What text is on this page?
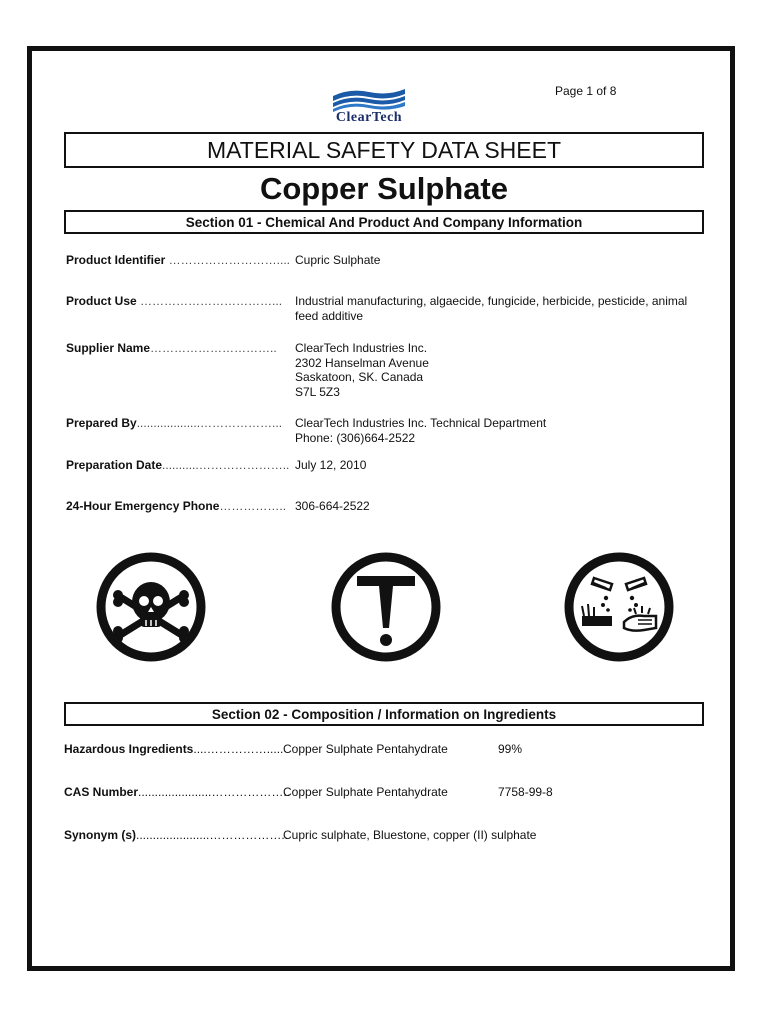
Page 1 of 8
ClearTech
MATERIAL SAFETY DATA SHEET
Copper Sulphate
Section 01 - Chemical And Product And Company Information
Product Identifier ……………………….... Cupric Sulphate
Product Use ……………………………... Industrial manufacturing, algaecide, fungicide, herbicide, pesticide, animal feed additive
Supplier Name………………………….. ClearTech Industries Inc.
2302 Hanselman Avenue
Saskatoon, SK. Canada
S7L 5Z3
Prepared By...................………………... ClearTech Industries Inc. Technical Department
Phone: (306)664-2522
Preparation Date...........………………….. July 12, 2010
24-Hour Emergency Phone…………….. 306-664-2522
Section 02 - Composition / Information on Ingredients
Hazardous Ingredients....……………..... Copper Sulphate Pentahydrate	99%
CAS Number......................………………..
Copper Sulphate Pentahydrate	7758-99-8
Synonym (s)......................………………..
Cupric sulphate, Bluestone, copper (II) sulphate
